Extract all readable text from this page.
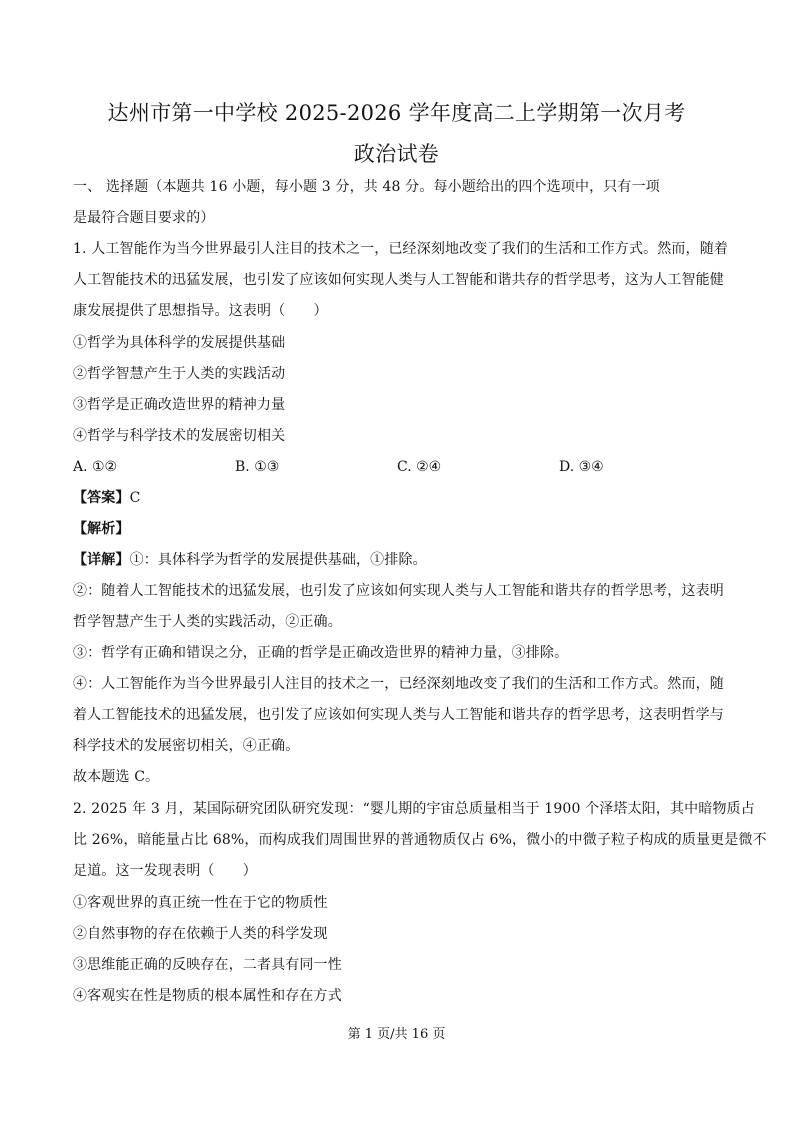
达州市第一中学校 2025-2026 学年度高二上学期第一次月考
政治试卷
一、 选择题（本题共 16 小题，每小题 3 分，共 48 分。每小题给出的四个选项中，只有一项
是最符合题目要求的）
1. 人工智能作为当今世界最引人注目的技术之一，已经深刻地改变了我们的生活和工作方式。然而，随着
人工智能技术的迅猛发展，也引发了应该如何实现人类与人工智能和谐共存的哲学思考，这为人工智能健
康发展提供了思想指导。这表明（　　）
①哲学为具体科学的发展提供基础
②哲学智慧产生于人类的实践活动
③哲学是正确改造世界的精神力量
④哲学与科学技术的发展密切相关
A. ①②	B. ①③	C. ②④	D. ③④
【答案】C
【解析】
【详解】①：具体科学为哲学的发展提供基础，①排除。
②：随着人工智能技术的迅猛发展，也引发了应该如何实现人类与人工智能和谐共存的哲学思考，这表明
哲学智慧产生于人类的实践活动，②正确。
③：哲学有正确和错误之分，正确的哲学是正确改造世界的精神力量，③排除。
④：人工智能作为当今世界最引人注目的技术之一，已经深刻地改变了我们的生活和工作方式。然而，随
着人工智能技术的迅猛发展，也引发了应该如何实现人类与人工智能和谐共存的哲学思考，这表明哲学与
科学技术的发展密切相关，④正确。
故本题选 C。
2. 2025 年 3 月，某国际研究团队研究发现：“婴儿期的宇宙总质量相当于 1900 个泽塔太阳，其中暗物质占
比 26%，暗能量占比 68%，而构成我们周围世界的普通物质仅占 6%，微小的中微子粒子构成的质量更是微不
足道。这一发现表明（　　）
①客观世界的真正统一性在于它的物质性
②自然事物的存在依赖于人类的科学发现
③思维能正确的反映存在，二者具有同一性
④客观实在性是物质的根本属性和存在方式
第 1 页/共 16 页
